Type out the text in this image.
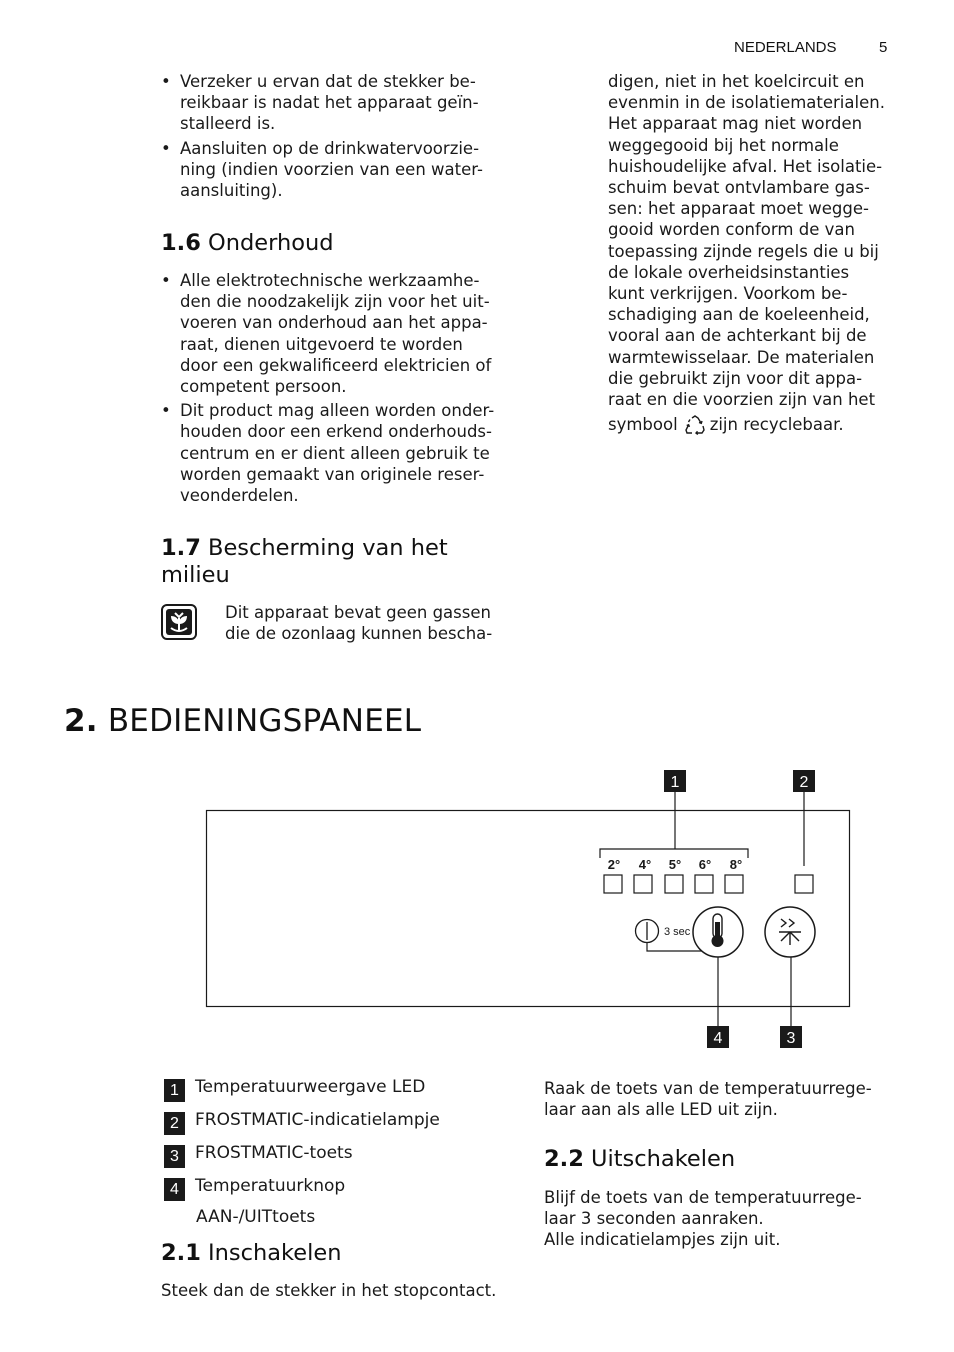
NEDERLANDS	5
• Verzeker u ervan dat de stekker be-
reikbaar is nadat het apparaat geïn-
stalleerd is.
• Aansluiten op de drinkwatervoorzie-
ning (indien voorzien van een water-
aansluiting).
1.6 Onderhoud
• Alle elektrotechnische werkzaamhe-
den die noodzakelijk zijn voor het uit-
voeren van onderhoud aan het appa-
raat, dienen uitgevoerd te worden
door een gekwalificeerd elektricien of
competent persoon.
• Dit product mag alleen worden onder-
houden door een erkend onderhouds-
centrum en er dient alleen gebruik te
worden gemaakt van originele reser-
veonderdelen.
1.7 Bescherming van het
milieu
Dit apparaat bevat geen gassen
die de ozonlaag kunnen bescha-
digen, niet in het koelcircuit en
evenmin in de isolatiematerialen.
Het apparaat mag niet worden
weggegooid bij het normale
huishoudelijke afval. Het isolatie-
schuim bevat ontvlambare gas-
sen: het apparaat moet wegge-
gooid worden conform de van
toepassing zijnde regels die u bij
de lokale overheidsinstanties
kunt verkrijgen. Voorkom be-
schadiging aan de koeleenheid,
vooral aan de achterkant bij de
warmtewisselaar. De materialen
die gebruikt zijn voor dit appa-
raat en die voorzien zijn van het
symbool zijn recyclebaar.
2. BEDIENINGSPANEEL
1	2
3
4
2° 4° 5° 6° 8°
3 sec
1 Temperatuurweergave LED
2 FROSTMATIC-indicatielampje
3 FROSTMATIC-toets
4 Temperatuurknop
AAN-/UITtoets
2.1 Inschakelen
Steek dan de stekker in het stopcontact.
Raak de toets van de temperatuurrege-
laar aan als alle LED uit zijn.
2.2 Uitschakelen
Blijf de toets van de temperatuurrege-
laar 3 seconden aanraken.
Alle indicatielampjes zijn uit.
